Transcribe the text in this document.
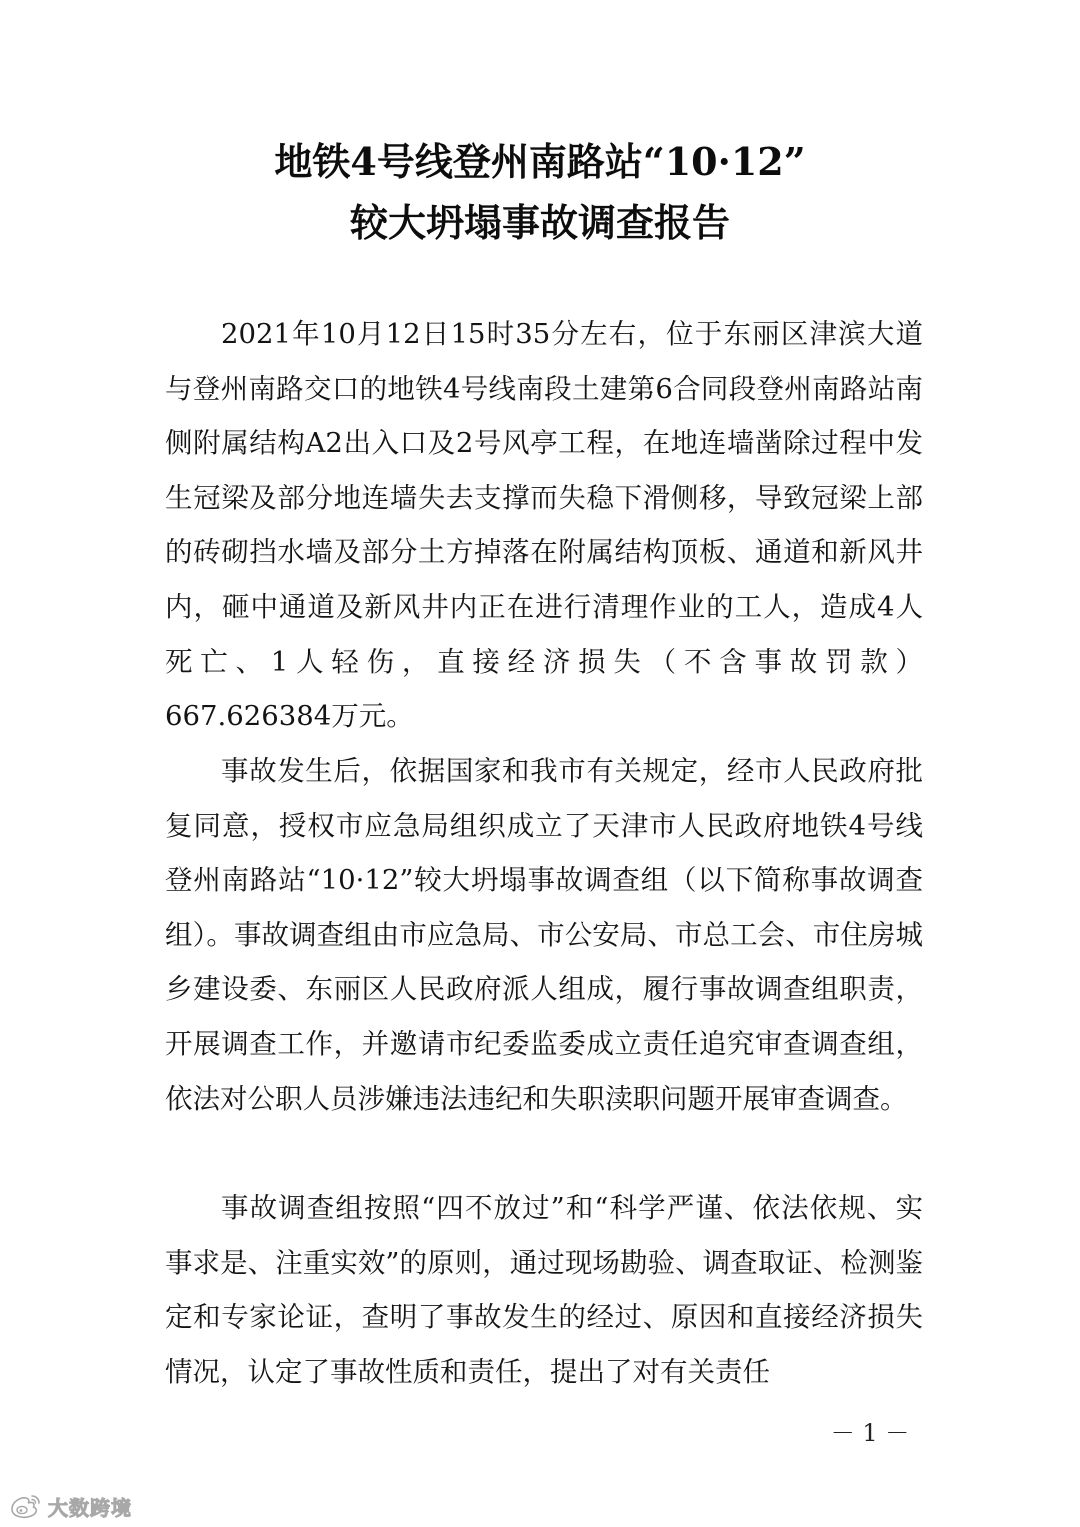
地铁4号线登州南路站“10·12”
较大坍塌事故调查报告

2021年10月12日15时35分左右，位于东丽区津滨大道与登州南路交口的地铁4号线南段土建第6合同段登州南路站南侧附属结构A2出入口及2号风亭工程，在地连墙凿除过程中发生冠梁及部分地连墙失去支撑而失稳下滑侧移，导致冠梁上部的砖砌挡水墙及部分土方掉落在附属结构顶板、通道和新风井内，砸中通道及新风井内正在进行清理作业的工人，造成4人死亡、1人轻伤，直接经济损失（不含事故罚款）667.626384万元。

事故发生后，依据国家和我市有关规定，经市人民政府批复同意，授权市应急局组织成立了天津市人民政府地铁4号线登州南路站“10·12”较大坍塌事故调查组（以下简称事故调查组）。事故调查组由市应急局、市公安局、市总工会、市住房城乡建设委、东丽区人民政府派人组成，履行事故调查组职责，开展调查工作，并邀请市纪委监委成立责任追究审查调查组，依法对公职人员涉嫌违法违纪和失职渎职问题开展审查调查。

事故调查组按照“四不放过”和“科学严谨、依法依规、实事求是、注重实效”的原则，通过现场勘验、调查取证、检测鉴定和专家论证，查明了事故发生的经过、原因和直接经济损失情况，认定了事故性质和责任，提出了对有关责任

－ 1 －
大数跨境
